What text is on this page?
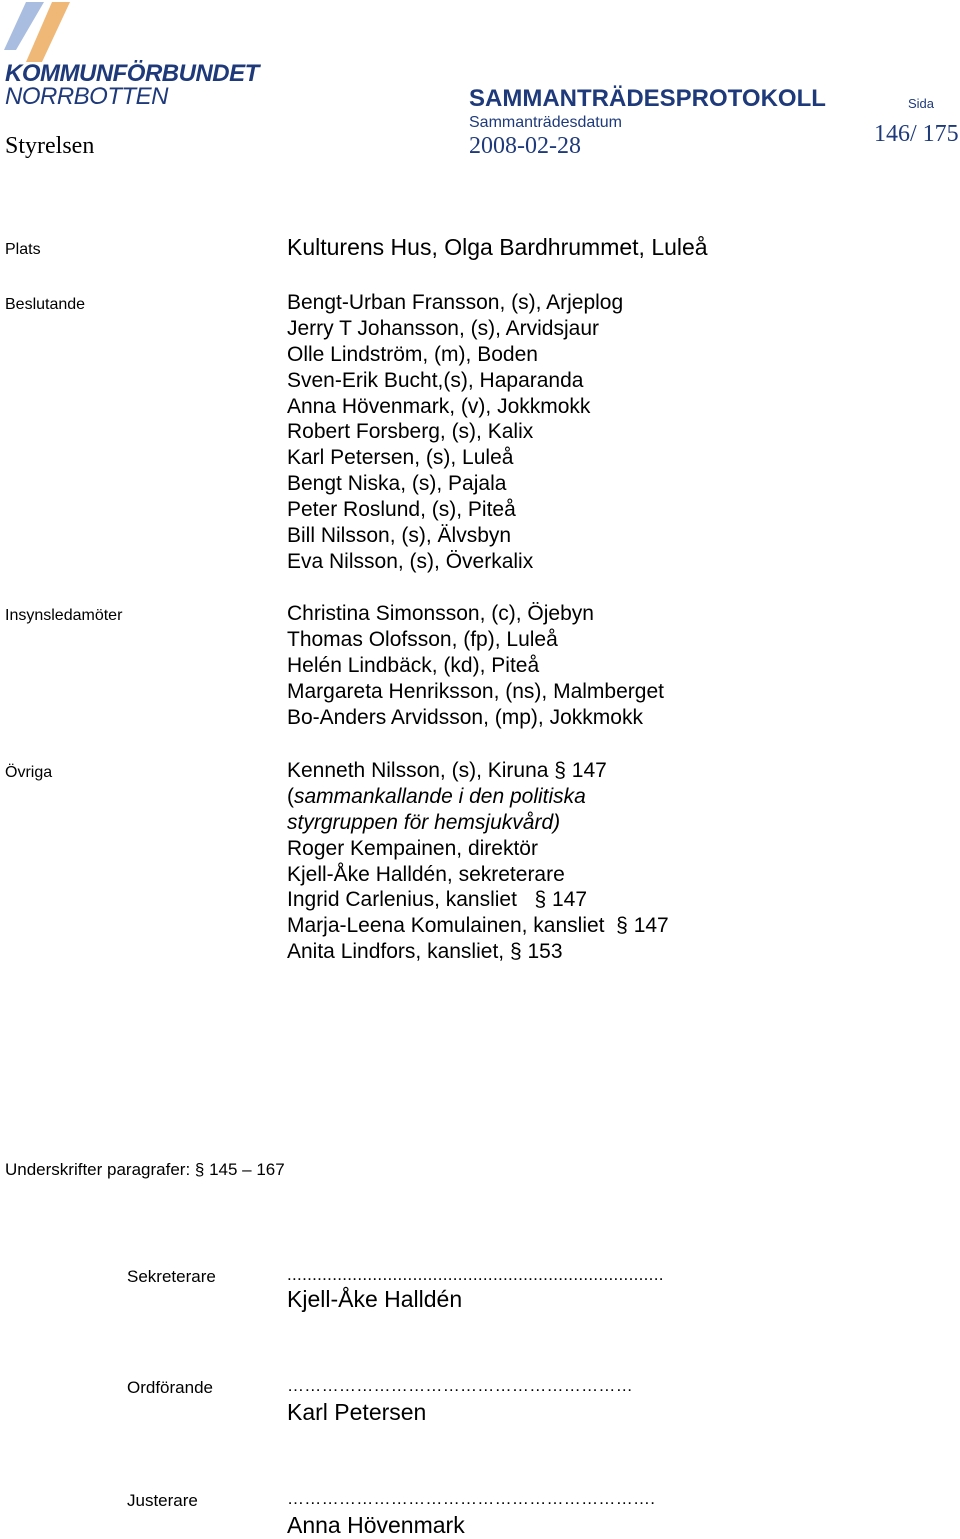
KOMMUNFÖRBUNDET
NORRBOTTEN
Styrelsen
SAMMANTRÄDESPROTOKOLL
Sammanträdesdatum
2008-02-28
Sida
146/ 175
Plats	Kulturens Hus, Olga Bardhrummet, Luleå
Beslutande	Bengt-Urban Fransson, (s), Arjeplog
Jerry T Johansson, (s), Arvidsjaur
Olle Lindström, (m), Boden
Sven-Erik Bucht,(s), Haparanda
Anna Hövenmark, (v), Jokkmokk
Robert Forsberg, (s), Kalix
Karl Petersen, (s), Luleå
Bengt Niska, (s), Pajala
Peter Roslund, (s), Piteå
Bill Nilsson, (s), Älvsbyn
Eva Nilsson, (s), Överkalix
Insynsledamöter	Christina Simonsson, (c), Öjebyn
Thomas Olofsson, (fp), Luleå
Helén Lindbäck, (kd), Piteå
Margareta Henriksson, (ns), Malmberget
Bo-Anders Arvidsson, (mp), Jokkmokk
Övriga	Kenneth Nilsson, (s), Kiruna § 147
(sammankallande i den politiska
styrgruppen för hemsjukvård)
Roger Kempainen, direktör
Kjell-Åke Halldén, sekreterare
Ingrid Carlenius, kansliet   § 147
Marja-Leena Komulainen, kansliet  § 147
Anita Lindfors, kansliet, § 153
Underskrifter paragrafer: § 145 – 167
Sekreterare	...........................................................................
Kjell-Åke Halldén
Ordförande	……………………………………………………
Karl Petersen
Justerare	……………………………………………………….
Anna Hövenmark
